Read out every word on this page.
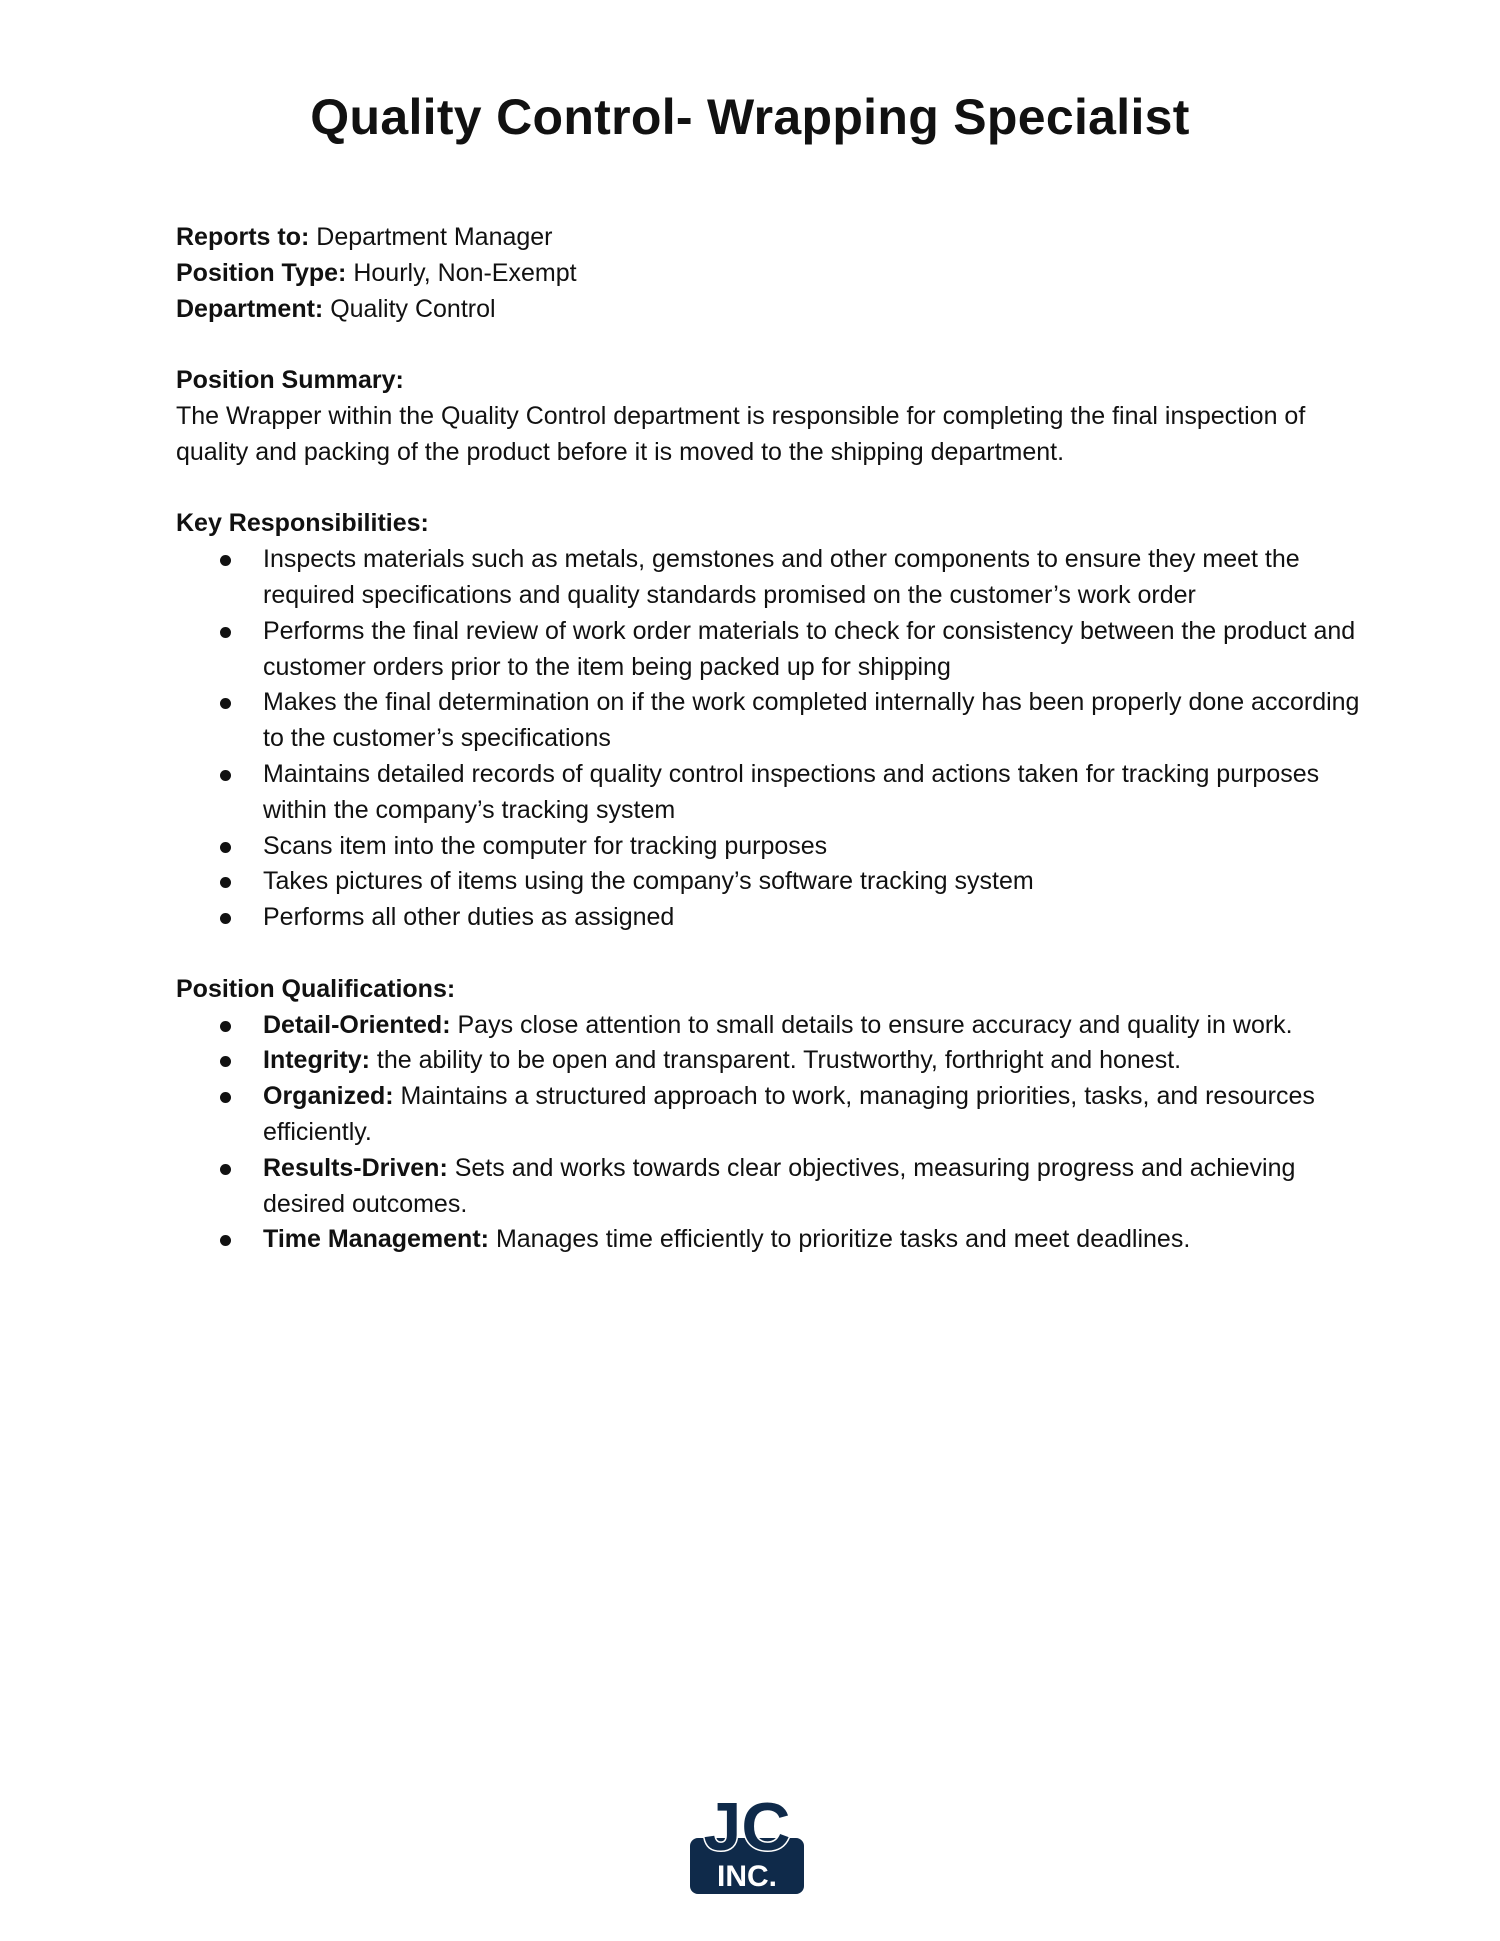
Quality Control- Wrapping Specialist

Reports to: Department Manager

Position Type: Hourly, Non-Exempt

Department: Quality Control

Position Summary:

The Wrapper within the Quality Control department is responsible for completing the final inspection of quality and packing of the product before it is moved to the shipping department.

Key Responsibilities:

Inspects materials such as metals, gemstones and other components to ensure they meet the required specifications and quality standards promised on the customer’s work order
Performs the final review of work order materials to check for consistency between the product and customer orders prior to the item being packed up for shipping
Makes the final determination on if the work completed internally has been properly done according to the customer’s specifications
Maintains detailed records of quality control inspections and actions taken for tracking purposes within the company’s tracking system
Scans item into the computer for tracking purposes
Takes pictures of items using the company’s software tracking system
Performs all other duties as assigned

Position Qualifications:

Detail-Oriented: Pays close attention to small details to ensure accuracy and quality in work.
Integrity: the ability to be open and transparent. Trustworthy, forthright and honest.
Organized: Maintains a structured approach to work, managing priorities, tasks, and resources efficiently.
Results-Driven: Sets and works towards clear objectives, measuring progress and achieving desired outcomes.
Time Management: Manages time efficiently to prioritize tasks and meet deadlines.
JC
INC.
